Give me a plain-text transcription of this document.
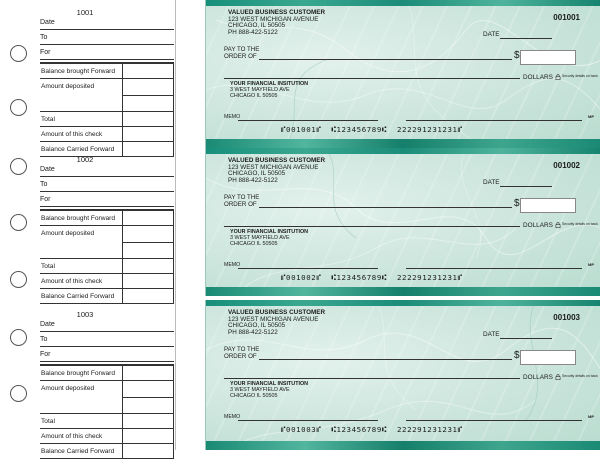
1001
Date
To
For
Balance brought Forward
Amount deposited
Total
Amount of this check
Balance Carried Forward
1002
Date
To
For
Balance brought Forward
Amount deposited
Total
Amount of this check
Balance Carried Forward
1003
Date
To
For
Balance brought Forward
Amount deposited
Total
Amount of this check
Balance Carried Forward
VALUED BUSINESS CUSTOMER
123 WEST MICHIGAN AVENUE
CHICAGO, IL 50505
PH 888-422-5122
001001
DATE
PAY TO THE
ORDER OF	$
DOLLARS	Security details on back
YOUR FINANCIAL INSITUTION
3 WEST MAYFIELD AVE
CHICAGO IL 50505
MEMO	MP
⑈001001⑈ ⑆123456789⑆ 222291231231⑈
VALUED BUSINESS CUSTOMER
123 WEST MICHIGAN AVENUE
CHICAGO, IL 50505
PH 888-422-5122
001002
DATE
PAY TO THE
ORDER OF	$
DOLLARS	Security details on back
YOUR FINANCIAL INSITUTION
3 WEST MAYFIELD AVE
CHICAGO IL 50505
MEMO	MP
⑈001002⑈ ⑆123456789⑆ 222291231231⑈
VALUED BUSINESS CUSTOMER
123 WEST MICHIGAN AVENUE
CHICAGO, IL 50505
PH 888-422-5122
001003
DATE
PAY TO THE
ORDER OF	$
DOLLARS	Security details on back
YOUR FINANCIAL INSITUTION
3 WEST MAYFIELD AVE
CHICAGO IL 50505
MEMO	MP
⑈001003⑈ ⑆123456789⑆ 222291231231⑈
